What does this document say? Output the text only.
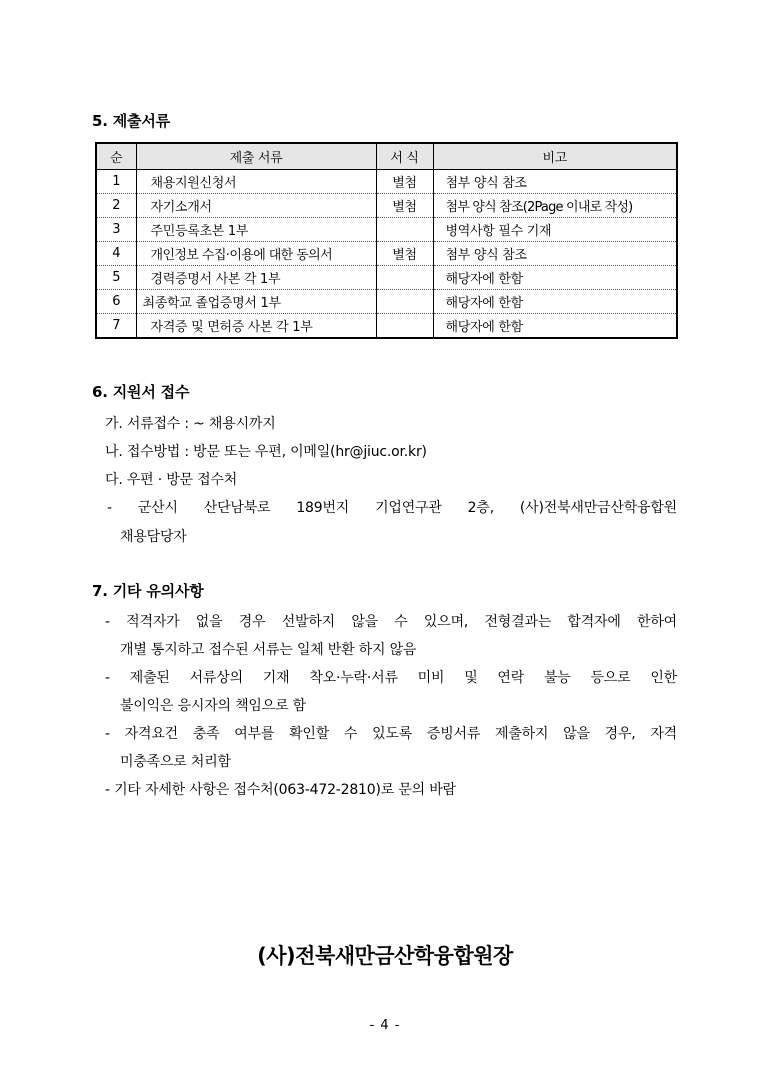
5. 제출서류
순	제출 서류	서 식	비고
1	채용지원신청서	별첨	첨부 양식 참조
2	자기소개서	별첨	첨부 양식 참조(2Page 이내로 작성)
3	주민등록초본 1부		병역사항 필수 기재
4	개인정보 수집·이용에 대한 동의서	별첨	첨부 양식 참조
5	경력증명서 사본 각 1부		해당자에 한함
6	최종학교 졸업증명서 1부		해당자에 한함
7	자격증 및 면허증 사본 각 1부		해당자에 한함
6. 지원서 접수
가. 서류접수 : ~ 채용시까지
나. 접수방법 : 방문 또는 우편, 이메일(hr@jiuc.or.kr)
다. 우편 · 방문 접수처
- 군산시 산단남북로 189번지 기업연구관 2층, (사)전북새만금산학융합원
채용담당자
7. 기타 유의사항
- 적격자가 없을 경우 선발하지 않을 수 있으며, 전형결과는 합격자에 한하여
개별 통지하고 접수된 서류는 일체 반환 하지 않음
- 제출된 서류상의 기재 착오·누락·서류 미비 및 연락 불능 등으로 인한
불이익은 응시자의 책임으로 함
- 자격요건 충족 여부를 확인할 수 있도록 증빙서류 제출하지 않을 경우, 자격
미충족으로 처리함
- 기타 자세한 사항은 접수처(063-472-2810)로 문의 바람
(사)전북새만금산학융합원장
- 4 -
